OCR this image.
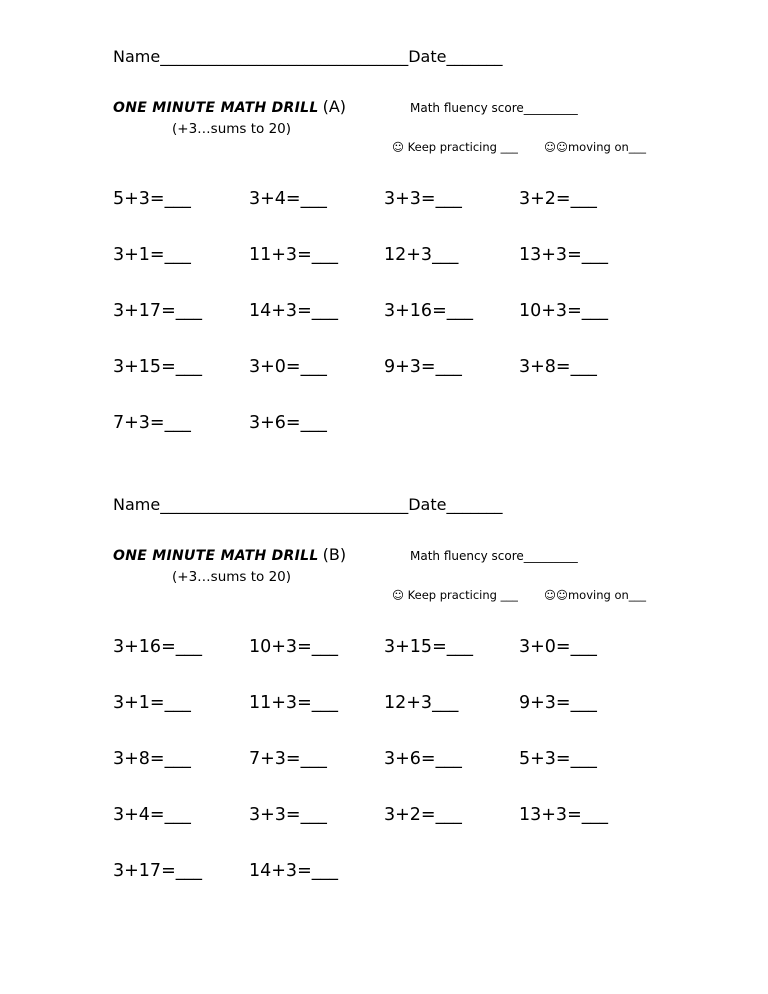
Name_______________________________Date_______
ONE MINUTE MATH DRILL (A)
(+3…sums to 20)
Math fluency score_________
☺ Keep practicing ___ ☺☺moving on___
5+3=___	3+4=___	3+3=___	3+2=___
3+1=___	11+3=___	12+3___	13+3=___
3+17=___	14+3=___	3+16=___	10+3=___
3+15=___	3+0=___	9+3=___	3+8=___
7+3=___	3+6=___
Name_______________________________Date_______
ONE MINUTE MATH DRILL (B)
(+3…sums to 20)
Math fluency score_________
☺ Keep practicing ___ ☺☺moving on___
3+16=___	10+3=___	3+15=___	3+0=___
3+1=___	11+3=___	12+3___	9+3=___
3+8=___	7+3=___	3+6=___	5+3=___
3+4=___	3+3=___	3+2=___	13+3=___
3+17=___	14+3=___
